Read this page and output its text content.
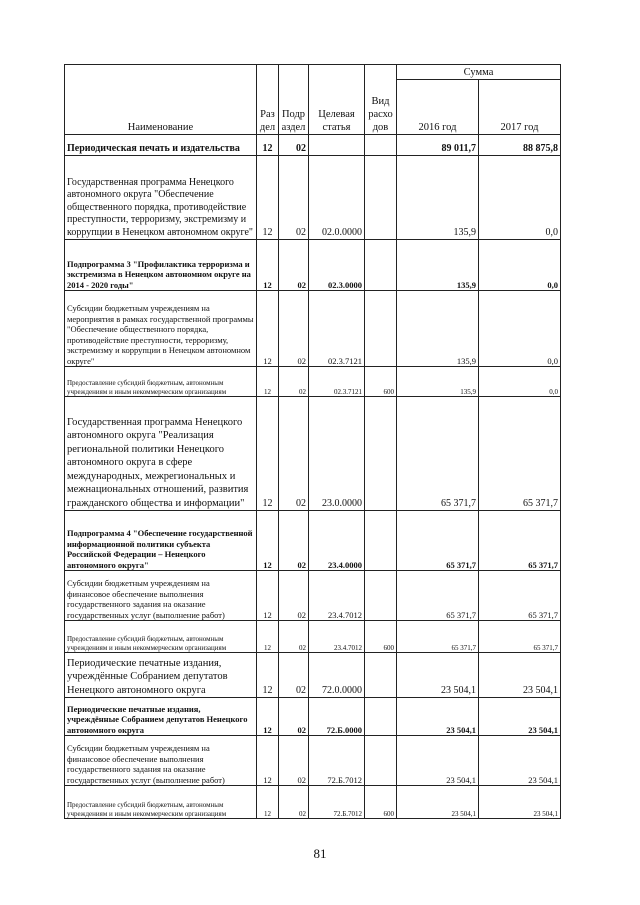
Наименование	Раз дел	Подр аздел	Целевая статья	Вид расхо дов	Сумма	
					2016 год	2017 год
Периодическая печать и издательства	12	02			89 011,7	88 875,8
Государственная программа Ненецкого автономного округа "Обеспечение общественного порядка, противодействие преступности, терроризму, экстремизму и коррупции в Ненецком автономном округе"	12	02	02.0.0000		135,9	0,0
Подпрограмма 3 "Профилактика терроризма и экстремизма в Ненецком автономном округе на 2014 - 2020 годы"	12	02	02.3.0000		135,9	0,0
Субсидии бюджетным учреждениям на мероприятия в рамках государственной программы "Обеспечение общественного порядка, противодействие преступности, терроризму, экстремизму и коррупции в Ненецком автономном округе"	12	02	02.3.7121		135,9	0,0
Предоставление субсидий бюджетным, автономным учреждениям и иным некоммерческим организациям	12	02	02.3.7121	600	135,9	0,0
Государственная программа Ненецкого автономного округа "Реализация региональной политики Ненецкого автономного округа в сфере международных, межрегиональных и межнациональных отношений, развития гражданского общества и информации"	12	02	23.0.0000		65 371,7	65 371,7
Подпрограмма 4 "Обеспечение государственной информационной политики субъекта Российской Федерации – Ненецкого автономного округа"	12	02	23.4.0000		65 371,7	65 371,7
Субсидии бюджетным учреждениям на финансовое обеспечение выполнения государственного задания на оказание государственных услуг (выполнение работ)	12	02	23.4.7012		65 371,7	65 371,7
Предоставление субсидий бюджетным, автономным учреждениям и иным некоммерческим организациям	12	02	23.4.7012	600	65 371,7	65 371,7
Периодические печатные издания, учреждённые Собранием депутатов Ненецкого автономного округа	12	02	72.0.0000		23 504,1	23 504,1
Периодические печатные издания, учреждённые Собранием депутатов Ненецкого автономного округа	12	02	72.Б.0000		23 504,1	23 504,1
Субсидии бюджетным учреждениям на финансовое обеспечение выполнения государственного задания на оказание государственных услуг (выполнение работ)	12	02	72.Б.7012		23 504,1	23 504,1
Предоставление субсидий бюджетным, автономным учреждениям и иным некоммерческим организациям	12	02	72.Б.7012	600	23 504,1	23 504,1
81
